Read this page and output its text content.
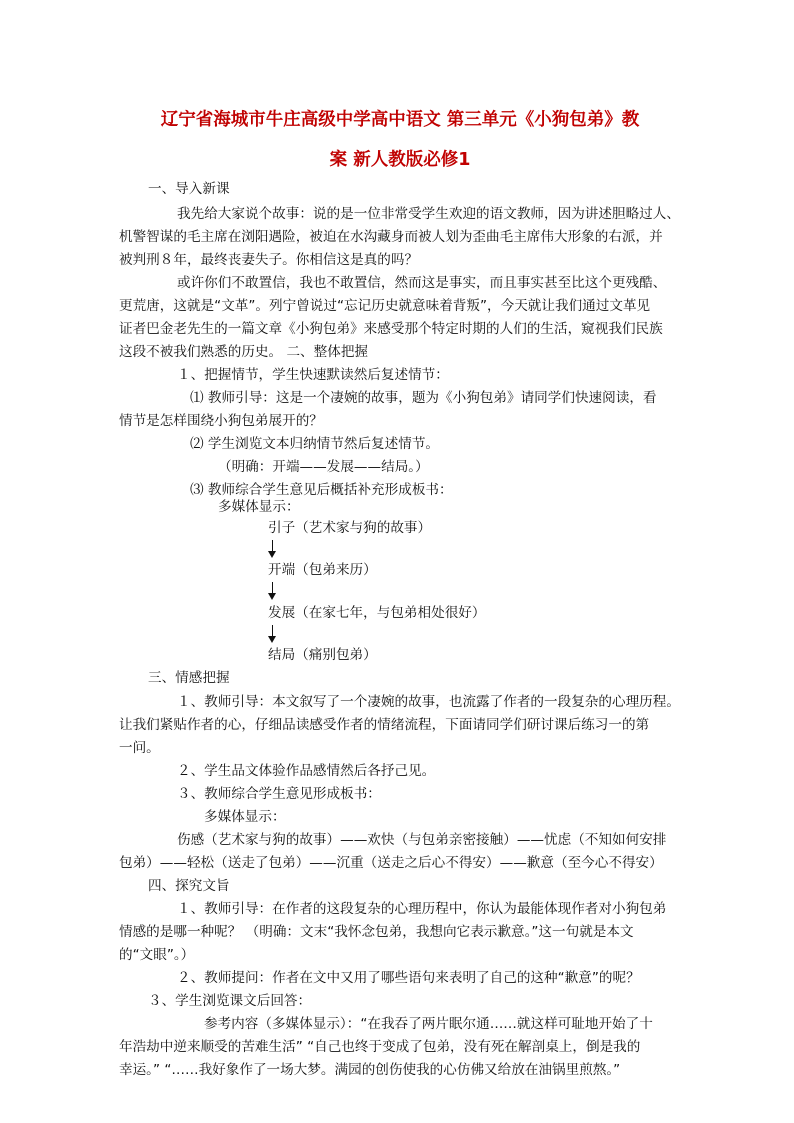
辽宁省海城市牛庄高级中学高中语文 第三单元《小狗包弟》教
案 新人教版必修1
一、导入新课
我先给大家说个故事：说的是一位非常受学生欢迎的语文教师，因为讲述胆略过人、
机警智谋的毛主席在浏阳遇险，被迫在水沟藏身而被人划为歪曲毛主席伟大形象的右派，并
被判刑８年，最终丧妻失子。你相信这是真的吗？
或许你们不敢置信，我也不敢置信，然而这是事实，而且事实甚至比这个更残酷、
更荒唐，这就是“文革”。列宁曾说过“忘记历史就意味着背叛”，今天就让我们通过文革见
证者巴金老先生的一篇文章《小狗包弟》来感受那个特定时期的人们的生活，窥视我们民族
这段不被我们熟悉的历史。 二、整体把握
１、把握情节，学生快速默读然后复述情节：
⑴ 教师引导：这是一个凄婉的故事，题为《小狗包弟》请同学们快速阅读，看
情节是怎样围绕小狗包弟展开的？
⑵ 学生浏览文本归纳情节然后复述情节。
（明确：开端——发展——结局。）
⑶ 教师综合学生意见后概括补充形成板书：
多媒体显示：
引子（艺术家与狗的故事）
开端（包弟来历）
发展（在家七年，与包弟相处很好）
结局（痛别包弟）
三、情感把握
１、教师引导：本文叙写了一个凄婉的故事，也流露了作者的一段复杂的心理历程。
让我们紧贴作者的心，仔细品读感受作者的情绪流程，下面请同学们研讨课后练习一的第
一问。
２、学生品文体验作品感情然后各抒己见。
３、教师综合学生意见形成板书：
多媒体显示：
伤感（艺术家与狗的故事）——欢快（与包弟亲密接触）——忧虑（不知如何安排
包弟）——轻松（送走了包弟）——沉重（送走之后心不得安）——歉意（至今心不得安）
四、探究文旨
１、教师引导：在作者的这段复杂的心理历程中，你认为最能体现作者对小狗包弟
情感的是哪一种呢？ （明确：文末“我怀念包弟，我想向它表示歉意。”这一句就是本文
的“文眼”。）
２、教师提问：作者在文中又用了哪些语句来表明了自己的这种“歉意”的呢？
３、学生浏览课文后回答：
参考内容（多媒体显示）：“在我吞了两片眠尔通……就这样可耻地开始了十
年浩劫中逆来顺受的苦难生活” “自己也终于变成了包弟，没有死在解剖桌上，倒是我的
幸运。” “……我好象作了一场大梦。满园的创伤使我的心仿佛又给放在油锅里煎熬。”
